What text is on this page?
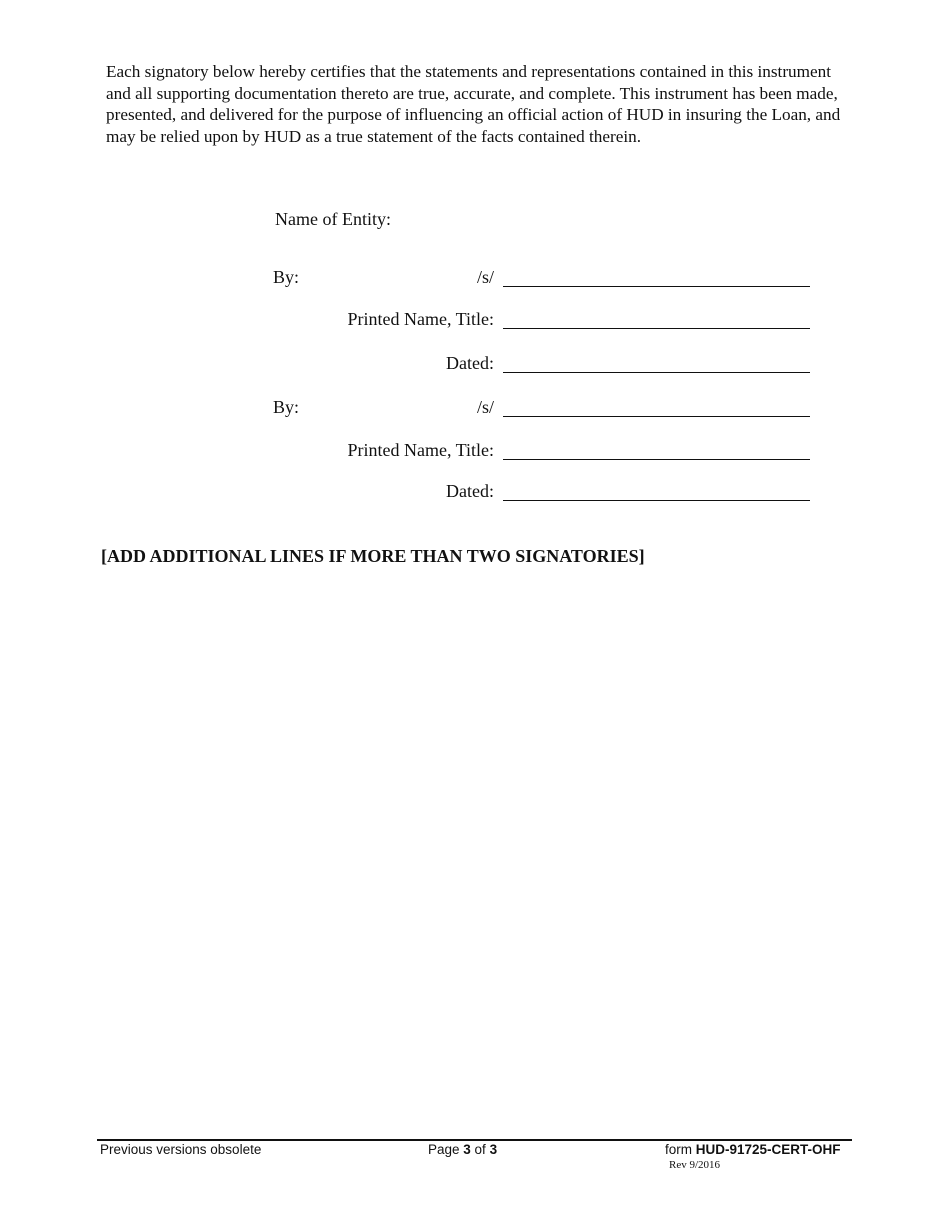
Each signatory below hereby certifies that the statements and representations contained in this instrument and all supporting documentation thereto are true, accurate, and complete. This instrument has been made, presented, and delivered for the purpose of influencing an official action of HUD in insuring the Loan, and may be relied upon by HUD as a true statement of the facts contained therein.

Name of Entity:
By:	/s/
Printed Name, Title:
Dated:
By:	/s/
Printed Name, Title:
Dated:
[ADD ADDITIONAL LINES IF MORE THAN TWO SIGNATORIES]
Previous versions obsolete	Page 3 of 3	form HUD-91725-CERT-OHF
Rev 9/2016
